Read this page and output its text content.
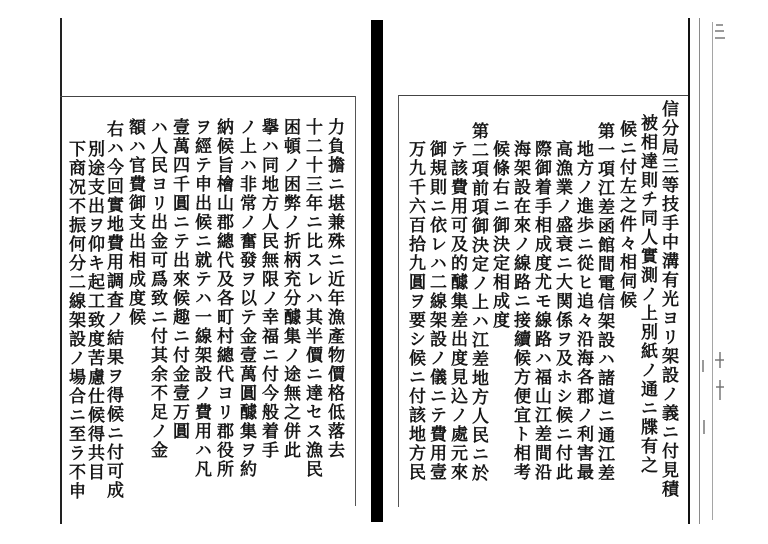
力負擔ニ堪兼殊ニ近年漁產物價格低落去
十二十三年ニ比スレハ其半價ニ達セス漁民
困頓ノ困弊ノ折柄充分醵集ノ途無之併此
擧ハ同地方人民無限ノ幸福ニ付今般着手
ノ上ハ非常ノ奮發ヲ以テ金壹萬圓醵集ヲ約
納候旨檜山郡總代及各町村總代ヨリ郡役所
ヲ經テ申出候ニ就テハ一線架設ノ費用ハ凡
壹萬四千圓ニテ出來候趣ニ付金壹万圓
ハ人民ヨリ出金可爲致ニ付其余不足ノ金
額ハ官費御支出相成度候
右ハ今回實地費用調査ノ結果ヲ得候ニ付可成
別途支出ヲ仰キ起工致度苦慮仕候得共目
下商况不振何分二線架設ノ場合ニ至ラ不申	信分局三等技手中溝有光ヨリ架設ノ義ニ付見積
被相達則チ同人實測ノ上別紙ノ通ニ牒有之
候ニ付左之件々相伺候
第一項江差函館間電信架設ハ諸道ニ通江差
地方ノ進歩ニ從ヒ追々沿海各郡ノ利害最
高漁業ノ盛衰ニ大関係ヲ及ホシ候ニ付此
際御着手相成度尤モ線路ハ福山江差間沿
海架設在來ノ線路ニ接續候方便宜ト相考
候條右ニ御決定相成度
第二項前項御決定ノ上ハ江差地方人民ニ於
テ該費用可及的醵集差出度見込ノ處元來
御規則ニ依レハ二線架設ノ儀ニテ費用壹
万九千六百拾九圓ヲ要シ候ニ付該地方民
